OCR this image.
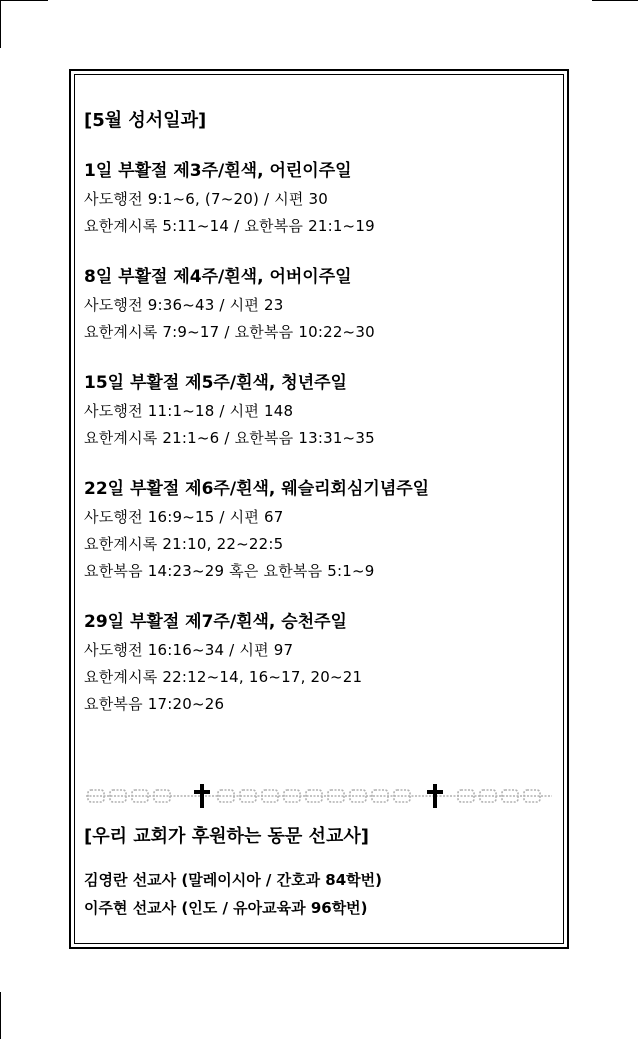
[5월 성서일과]
1일 부활절 제3주/흰색, 어린이주일
사도행전 9:1~6, (7~20) / 시편 30
요한계시록 5:11~14 / 요한복음 21:1~19
8일 부활절 제4주/흰색, 어버이주일
사도행전 9:36~43 / 시편 23
요한계시록 7:9~17 / 요한복음 10:22~30
15일 부활절 제5주/흰색, 청년주일
사도행전 11:1~18 / 시편 148
요한계시록 21:1~6 / 요한복음 13:31~35
22일 부활절 제6주/흰색, 웨슬리회심기념주일
사도행전 16:9~15 / 시편 67
요한계시록 21:10, 22~22:5
요한복음 14:23~29 혹은 요한복음 5:1~9
29일 부활절 제7주/흰색, 승천주일
사도행전 16:16~34 / 시편 97
요한계시록 22:12~14, 16~17, 20~21
요한복음 17:20~26
[우리 교회가 후원하는 동문 선교사]
김영란 선교사 (말레이시아 / 간호과 84학번)
이주현 선교사 (인도 / 유아교육과 96학번)
